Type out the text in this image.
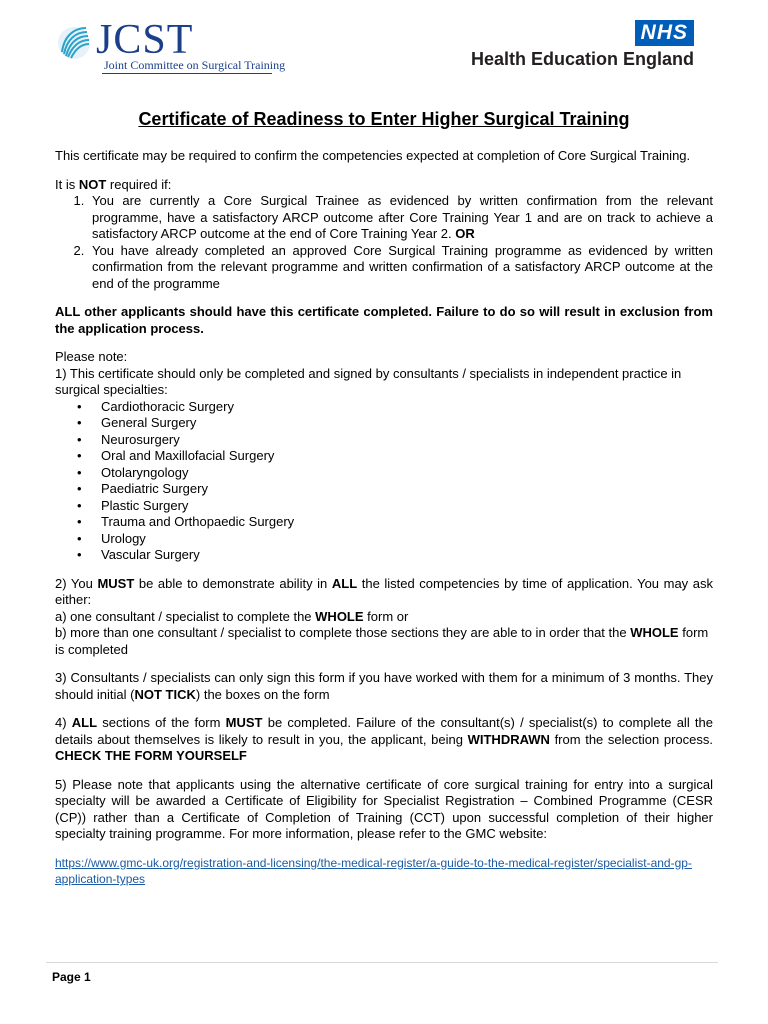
JCST
Joint Committee on Surgical Training
NHS
Health Education England
Certificate of Readiness to Enter Higher Surgical Training

This certificate may be required to confirm the competencies expected at completion of Core Surgical Training.

It is NOT required if:

1. You are currently a Core Surgical Trainee as evidenced by written confirmation from the relevant programme, have a satisfactory ARCP outcome after Core Training Year 1 and are on track to achieve a satisfactory ARCP outcome at the end of Core Training Year 2. OR
2. You have already completed an approved Core Surgical Training programme as evidenced by written confirmation from the relevant programme and written confirmation of a satisfactory ARCP outcome at the end of the programme

ALL other applicants should have this certificate completed. Failure to do so will result in exclusion from the application process.

Please note:

1) This certificate should only be completed and signed by consultants / specialists in independent practice in surgical specialties:

• Cardiothoracic Surgery
• General Surgery
• Neurosurgery
• Oral and Maxillofacial Surgery
• Otolaryngology
• Paediatric Surgery
• Plastic Surgery
• Trauma and Orthopaedic Surgery
• Urology
• Vascular Surgery

2) You MUST be able to demonstrate ability in ALL the listed competencies by time of application. You may ask either:

a) one consultant / specialist to complete the WHOLE form or

b) more than one consultant / specialist to complete those sections they are able to in order that the WHOLE form is completed

3) Consultants / specialists can only sign this form if you have worked with them for a minimum of 3 months. They should initial (NOT TICK) the boxes on the form

4) ALL sections of the form MUST be completed. Failure of the consultant(s) / specialist(s) to complete all the details about themselves is likely to result in you, the applicant, being WITHDRAWN from the selection process. CHECK THE FORM YOURSELF

5) Please note that applicants using the alternative certificate of core surgical training for entry into a surgical specialty will be awarded a Certificate of Eligibility for Specialist Registration – Combined Programme (CESR (CP)) rather than a Certificate of Completion of Training (CCT) upon successful completion of their higher specialty training programme. For more information, please refer to the GMC website:

https://www.gmc-uk.org/registration-and-licensing/the-medical-register/a-guide-to-the-medical-register/specialist-and-gp-application-types
Page 1
